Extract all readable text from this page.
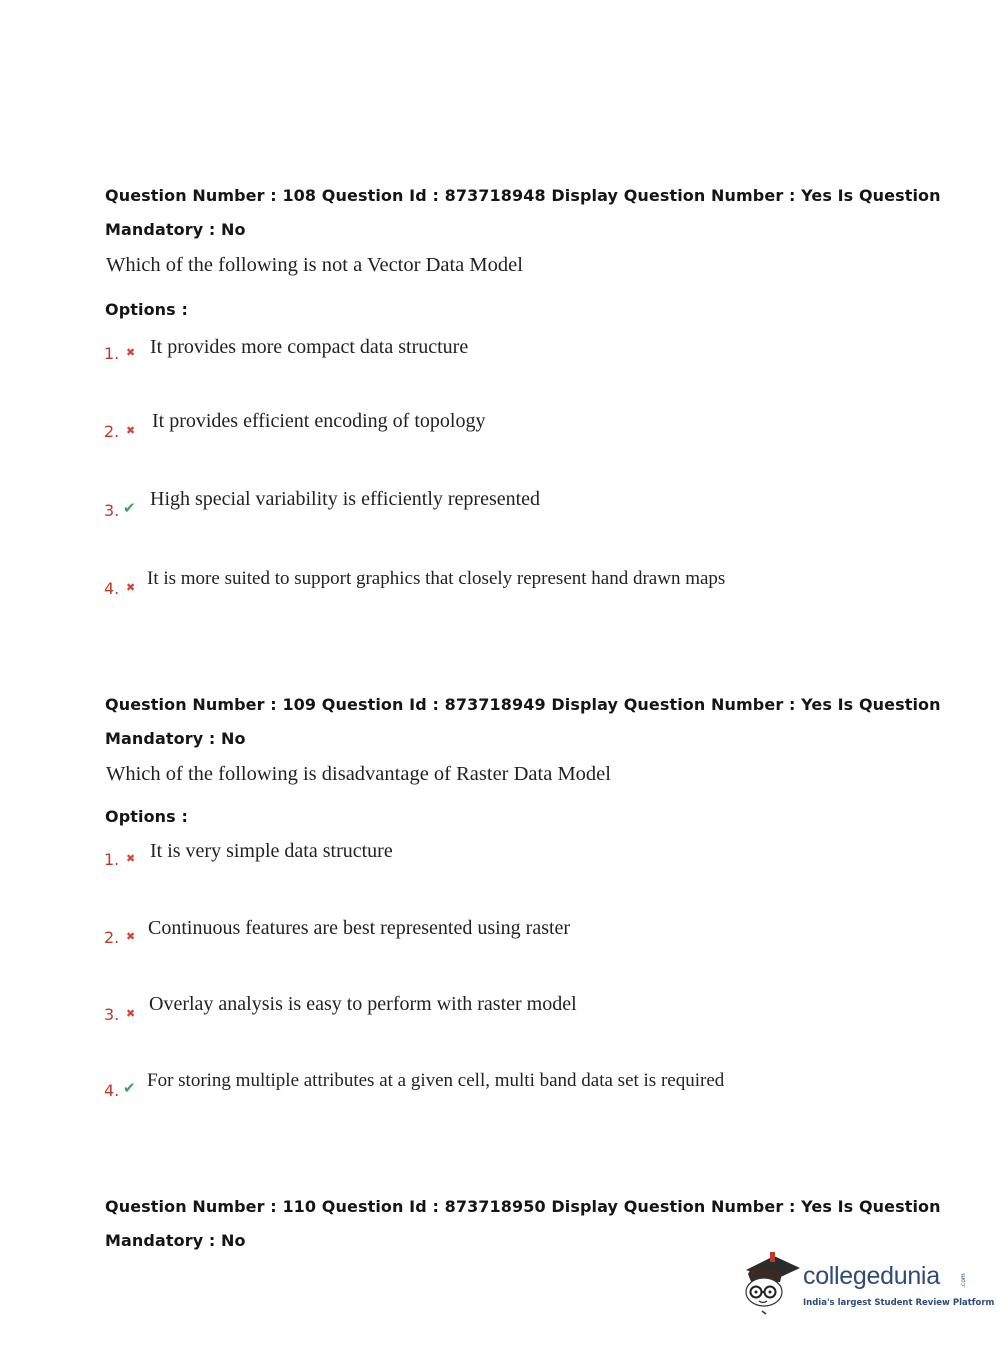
Question Number : 108 Question Id : 873718948 Display Question Number : Yes Is Question
Mandatory : No
Which of the following is not a Vector Data Model
Options :
1. ✖ It provides more compact data structure
2. ✖ It provides efficient encoding of topology
3. ✔ High special variability is efficiently represented
4. ✖ It is more suited to support graphics that closely represent hand drawn maps
Question Number : 109 Question Id : 873718949 Display Question Number : Yes Is Question
Mandatory : No
Which of the following is disadvantage of Raster Data Model
Options :
1. ✖ It is very simple data structure
2. ✖ Continuous features are best represented using raster
3. ✖ Overlay analysis is easy to perform with raster model
4. ✔ For storing multiple attributes at a given cell, multi band data set is required
Question Number : 110 Question Id : 873718950 Display Question Number : Yes Is Question
Mandatory : No
collegedunia	.com
India's largest Student Review Platform
